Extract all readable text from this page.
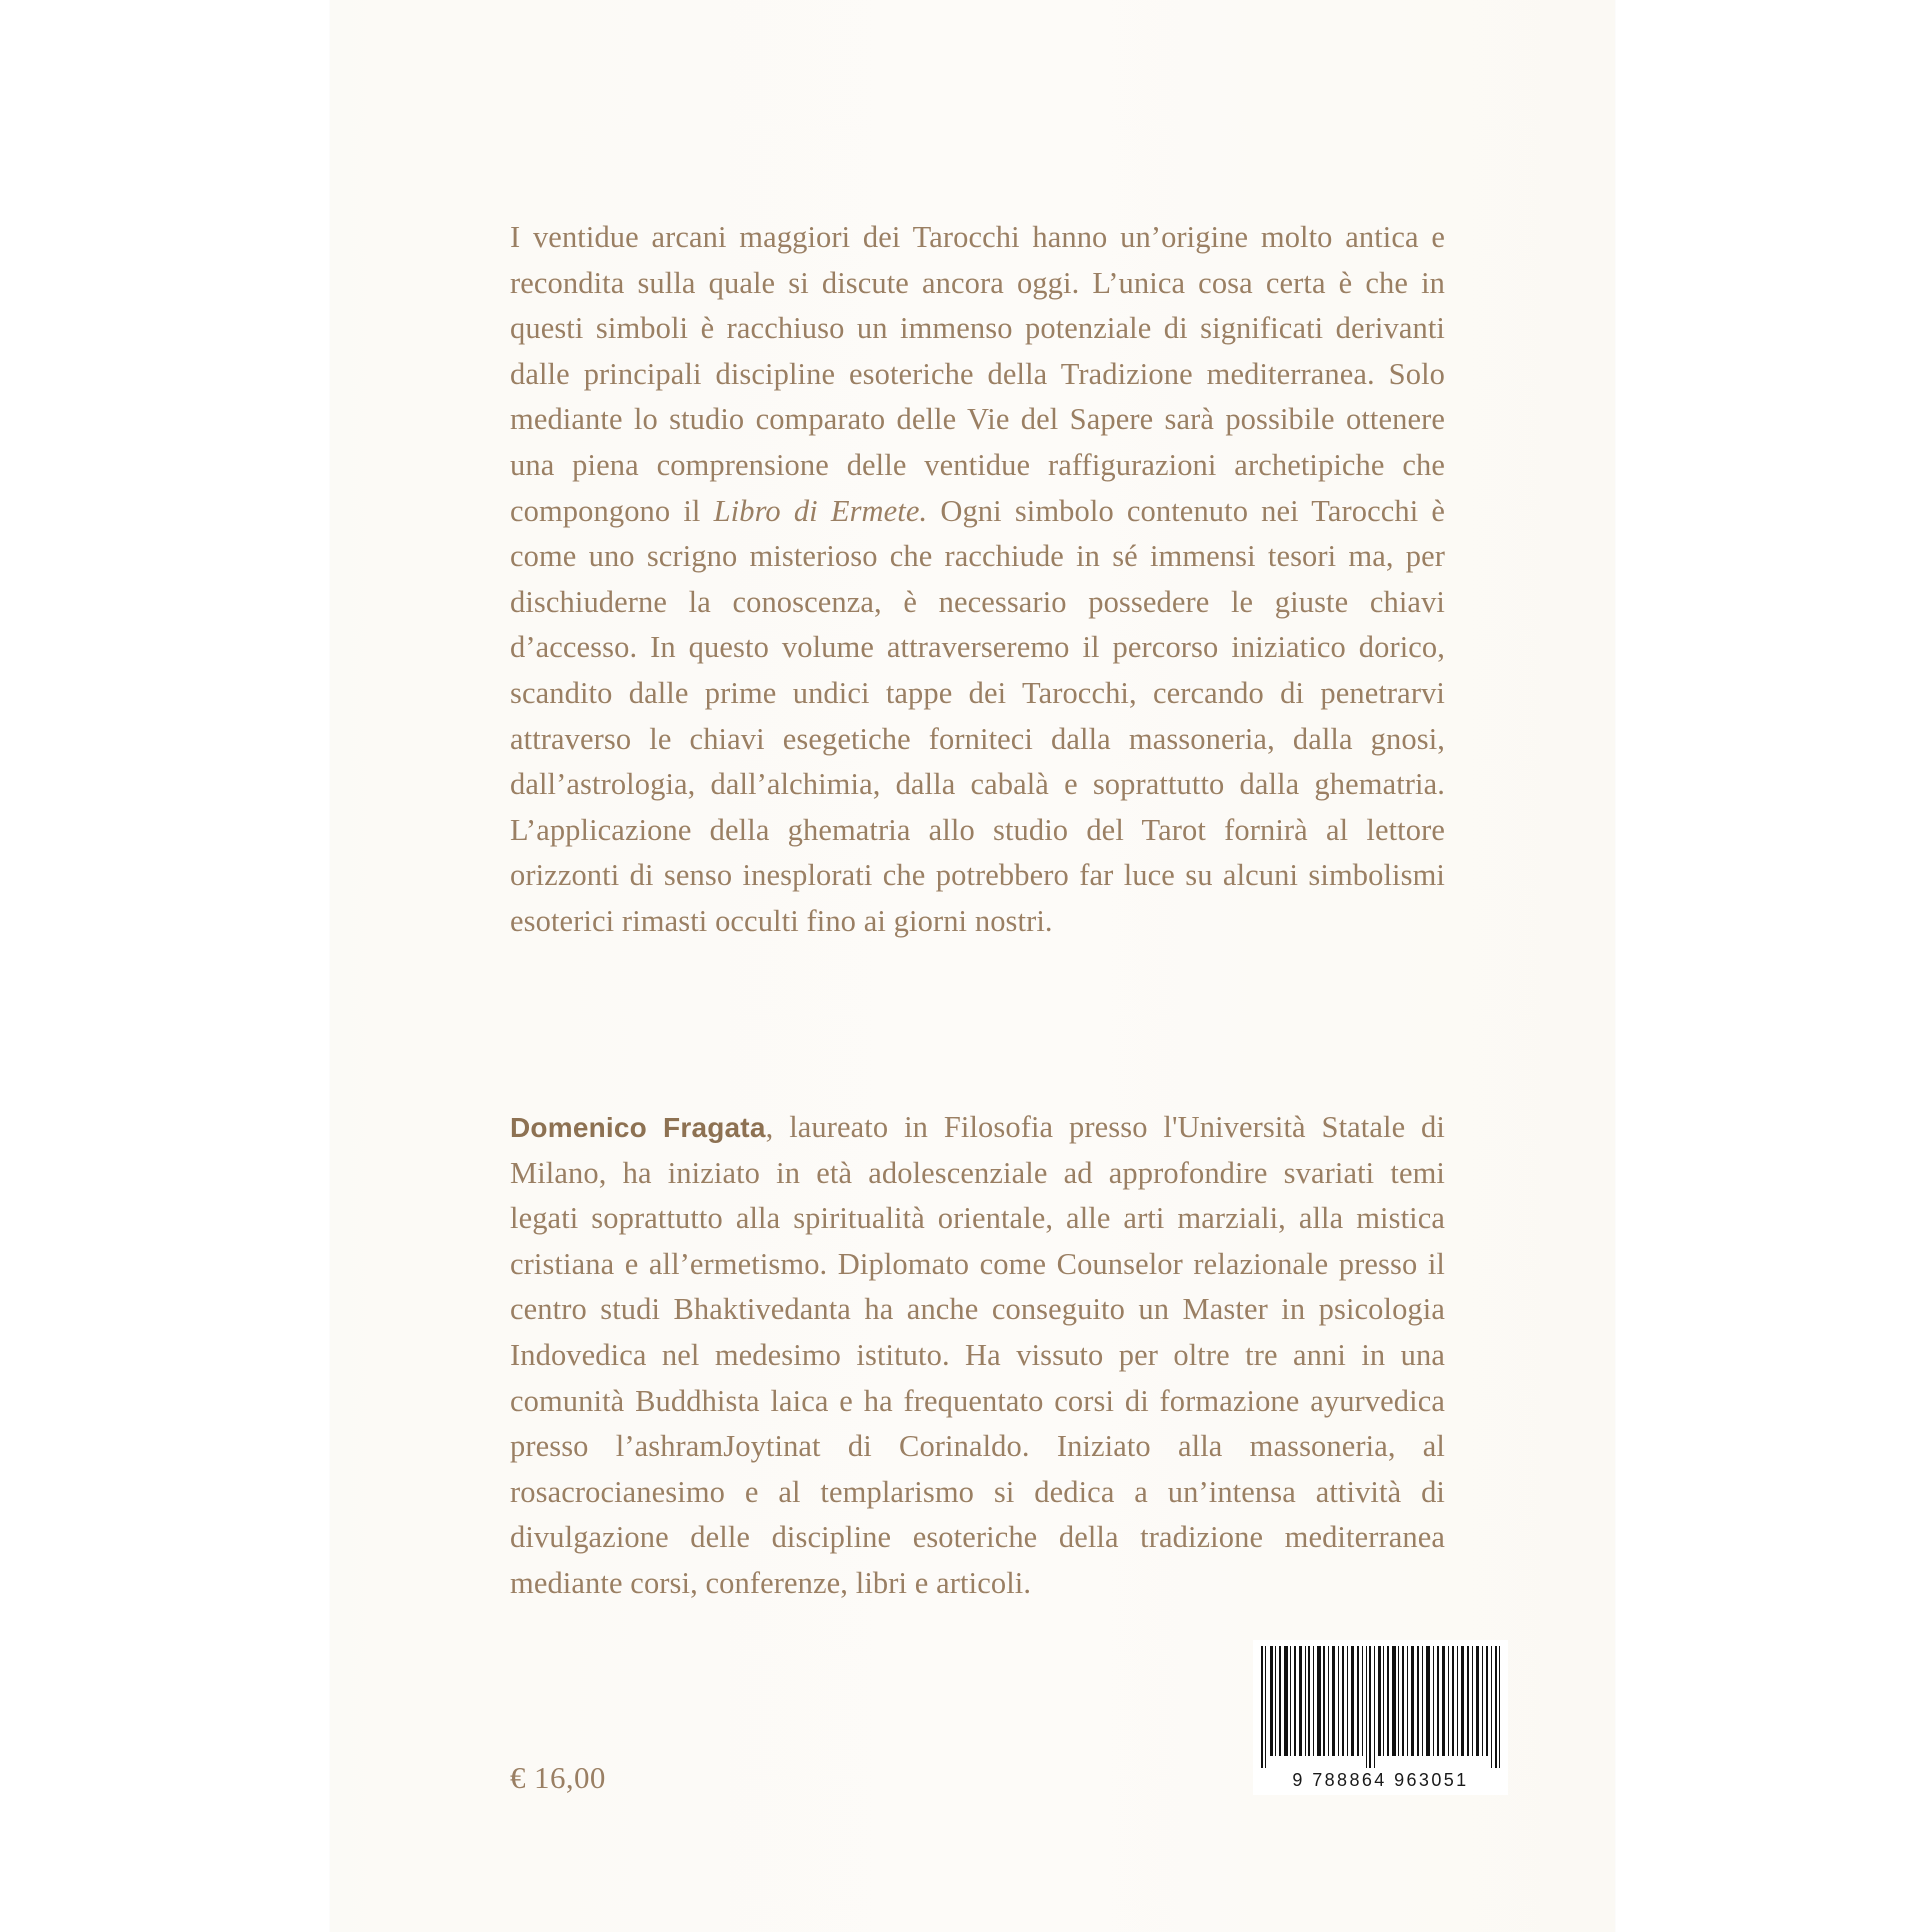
I ventidue arcani maggiori dei Tarocchi hanno un’origine molto antica e recondita sulla quale si discute ancora oggi. L’unica cosa certa è che in questi simboli è racchiuso un immenso potenziale di significati derivanti dalle principali discipline esoteriche della Tradizione mediterranea. Solo mediante lo studio comparato delle Vie del Sapere sarà possibile ottenere una piena comprensione delle ventidue raffigurazioni archetipiche che compongono il Libro di Ermete. Ogni simbolo contenuto nei Tarocchi è come uno scrigno misterioso che racchiude in sé immensi tesori ma, per dischiuderne la conoscenza, è necessario possedere le giuste chiavi d’accesso. In questo volume attraverseremo il percorso iniziatico dorico, scandito dalle prime undici tappe dei Tarocchi, cercando di penetrarvi attraverso le chiavi esegetiche forniteci dalla massoneria, dalla gnosi, dall’astrologia, dall’alchimia, dalla cabalà e soprattutto dalla ghematria. L’applicazione della ghematria allo studio del Tarot fornirà al lettore orizzonti di senso inesplorati che potrebbero far luce su alcuni simbolismi esoterici rimasti occulti fino ai giorni nostri.
Domenico Fragata, laureato in Filosofia presso l'Università Statale di Milano, ha iniziato in età adolescenziale ad approfondire svariati temi legati soprattutto alla spiritualità orientale, alle arti marziali, alla mistica cristiana e all’ermetismo. Diplomato come Counselor relazionale presso il centro studi Bhaktivedanta ha anche conseguito un Master in psicologia Indovedica nel medesimo istituto. Ha vissuto per oltre tre anni in una comunità Buddhista laica e ha frequentato corsi di formazione ayurvedica presso l’ashramJoytinat di Corinaldo. Iniziato alla massoneria, al rosacrocianesimo e al templarismo si dedica a un’intensa attività di divulgazione delle discipline esoteriche della tradizione mediterranea mediante corsi, conferenze, libri e articoli.
€ 16,00	9 788864 963051
